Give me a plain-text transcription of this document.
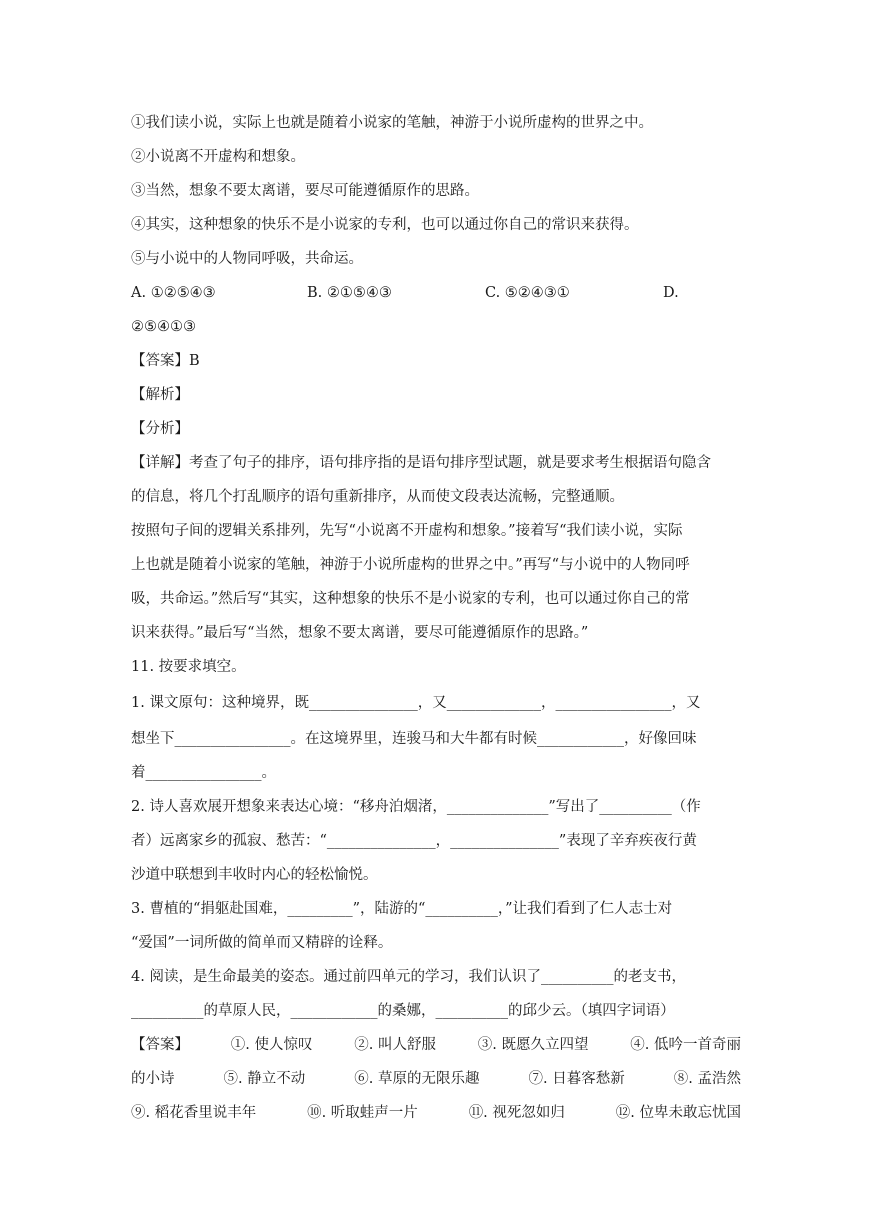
①我们读小说，实际上也就是随着小说家的笔触，神游于小说所虚构的世界之中。
②小说离不开虚构和想象。
③当然，想象不要太离谱，要尽可能遵循原作的思路。
④其实，这种想象的快乐不是小说家的专利，也可以通过你自己的常识来获得。
⑤与小说中的人物同呼吸，共命运。
A. ①②⑤④③	B. ②①⑤④③	C. ⑤②④③①	D.
②⑤④①③
【答案】B
【解析】
【分析】
【详解】考查了句子的排序，语句排序指的是语句排序型试题，就是要求考生根据语句隐含
的信息，将几个打乱顺序的语句重新排序，从而使文段表达流畅，完整通顺。
按照句子间的逻辑关系排列，先写“小说离不开虚构和想象。”接着写“我们读小说，实际
上也就是随着小说家的笔触，神游于小说所虚构的世界之中。”再写“与小说中的人物同呼
吸，共命运。”然后写“其实，这种想象的快乐不是小说家的专利，也可以通过你自己的常
识来获得。”最后写“当然，想象不要太离谱，要尽可能遵循原作的思路。”
11. 按要求填空。
1. 课文原句：这种境界，既_______________，又_____________，________________，又
想坐下________________。在这境界里，连骏马和大牛都有时候____________，好像回味
着________________。
2. 诗人喜欢展开想象来表达心境：“移舟泊烟渚，______________”写出了__________（作
者）远离家乡的孤寂、愁苦：“_______________，_______________”表现了辛弃疾夜行黄
沙道中联想到丰收时内心的轻松愉悦。
3. 曹植的“捐躯赴国难，_________”，陆游的“__________，”让我们看到了仁人志士对
“爱国”一词所做的简单而又精辟的诠释。
4. 阅读，是生命最美的姿态。通过前四单元的学习，我们认识了__________的老支书，
__________的草原人民，____________的桑娜，__________的邱少云。（填四字词语）
【答案】	①. 使人惊叹	②. 叫人舒服	③. 既愿久立四望	④. 低吟一首奇丽
的小诗	⑤. 静立不动	⑥. 草原的无限乐趣	⑦. 日暮客愁新	⑧. 孟浩然
⑨. 稻花香里说丰年	⑩. 听取蛙声一片	⑪. 视死忽如归	⑫. 位卑未敢忘忧国
